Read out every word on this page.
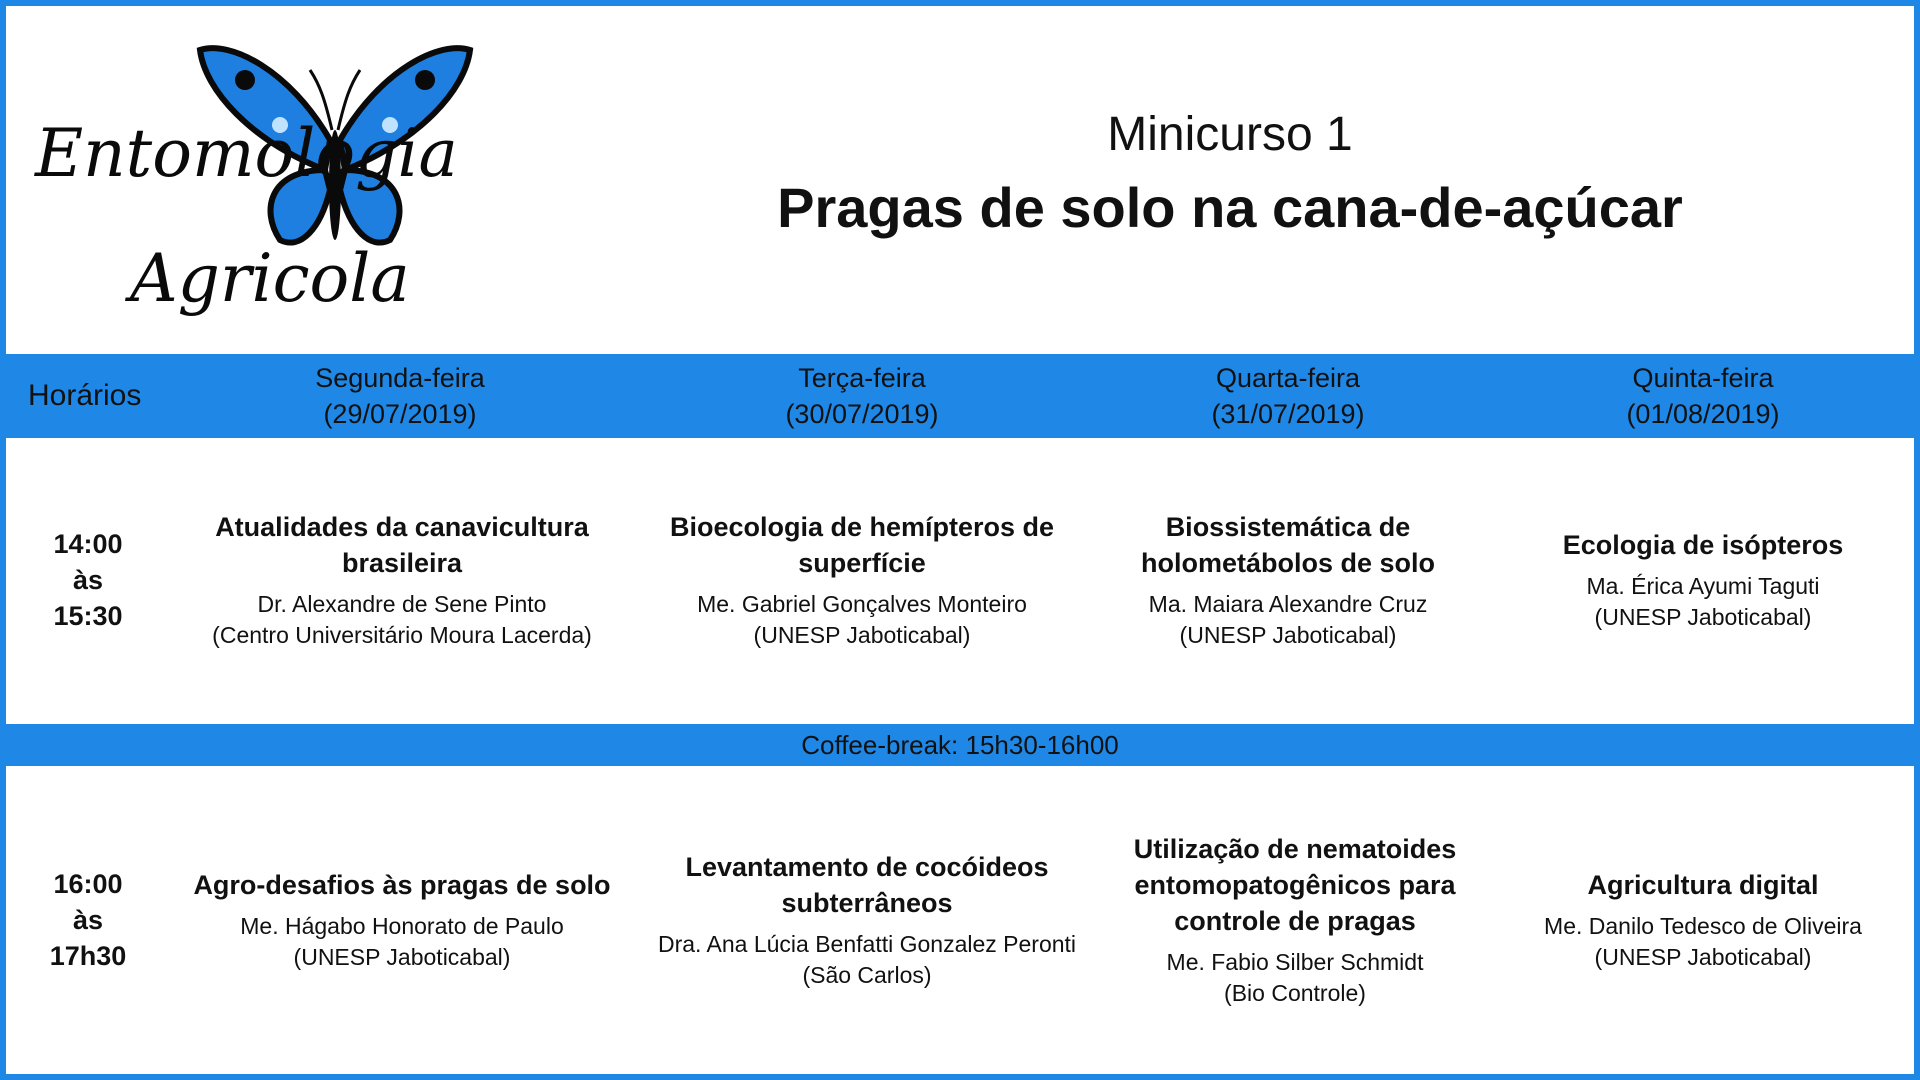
Entomologia
Agricola

Minicurso 1

Pragas de solo na cana-de-açúcar

Horários
Segunda-feira
(29/07/2019)
Terça-feira
(30/07/2019)
Quarta-feira
(31/07/2019)
Quinta-feira
(01/08/2019)
14:00
às
15:30

Atualidades da canavicultura brasileira

Dr. Alexandre de Sene Pinto

(Centro Universitário Moura Lacerda)

Bioecologia de hemípteros de superfície

Me. Gabriel Gonçalves Monteiro

(UNESP Jaboticabal)

Biossistemática de holometábolos de solo

Ma. Maiara Alexandre Cruz

(UNESP Jaboticabal)

Ecologia de isópteros

Ma. Érica Ayumi Taguti

(UNESP Jaboticabal)

Coffee-break: 15h30-16h00
16:00
às
17h30

Agro-desafios às pragas de solo

Me. Hágabo Honorato de Paulo

(UNESP Jaboticabal)

Levantamento de cocóideos subterrâneos

Dra. Ana Lúcia Benfatti Gonzalez Peronti

(São Carlos)

Utilização de nematoides entomopatogênicos para controle de pragas

Me. Fabio Silber Schmidt

(Bio Controle)

Agricultura digital

Me. Danilo Tedesco de Oliveira

(UNESP Jaboticabal)
